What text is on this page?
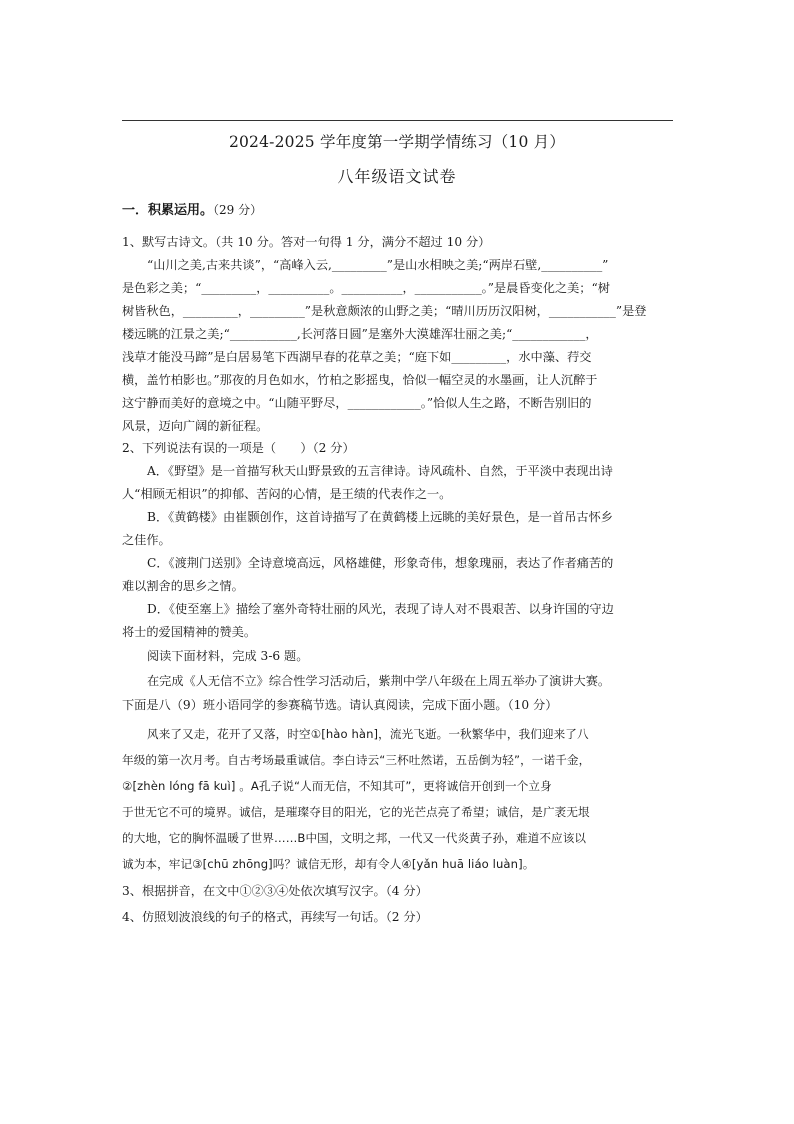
2024-2025 学年度第一学期学情练习（10 月）
八年级语文试卷
一．积累运用。（29 分）
1、默写古诗文。（共 10 分。答对一句得 1 分，满分不超过 10 分）
“山川之美,古来共谈”，“高峰入云,_________”是山水相映之美;“两岸石壁,__________”
是色彩之美；“_________，__________。__________，___________。”是晨昏变化之美；“树
树皆秋色，_________，_________”是秋意颇浓的山野之美；“晴川历历汉阳树，___________”是登
楼远眺的江景之美;“___________,长河落日圆”是塞外大漠雄浑壮丽之美;“____________，
浅草才能没马蹄”是白居易笔下西湖早春的花草之美；“庭下如_________，水中藻、荇交
横，盖竹柏影也。”那夜的月色如水，竹柏之影摇曳，恰似一幅空灵的水墨画，让人沉醉于
这宁静而美好的意境之中。“山随平野尽，____________。”恰似人生之路，不断告别旧的
风景，迈向广阔的新征程。
2、下列说法有误的一项是（　　）（2 分）
A．《野望》是一首描写秋天山野景致的五言律诗。诗风疏朴、自然，于平淡中表现出诗
人“相顾无相识”的抑郁、苦闷的心情，是王绩的代表作之一。
B．《黄鹤楼》由崔颢创作，这首诗描写了在黄鹤楼上远眺的美好景色，是一首吊古怀乡
之佳作。
C．《渡荆门送别》全诗意境高远，风格雄健，形象奇伟，想象瑰丽，表达了作者痛苦的
难以割舍的思乡之情。
D．《使至塞上》描绘了塞外奇特壮丽的风光，表现了诗人对不畏艰苦、以身许国的守边
将士的爱国精神的赞美。
阅读下面材料，完成 3-6 题。
在完成《人无信不立》综合性学习活动后，紫荆中学八年级在上周五举办了演讲大赛。
下面是八（9）班小语同学的参赛稿节选。请认真阅读，完成下面小题。（10 分）
风来了又走，花开了又落，时空①[hào hàn]，流光飞逝。一秋繁华中，我们迎来了八
年级的第一次月考。自古考场最重诚信。李白诗云“三杯吐然诺，五岳倒为轻”，一诺千金，
②[zhèn lóng fā kuì] 。A孔子说“人而无信，不知其可”，更将诚信开创到一个立身
于世无它不可的境界。诚信，是璀璨夺目的阳光，它的光芒点亮了希望；诚信，是广袤无垠
的大地，它的胸怀温暖了世界……B中国，文明之邦，一代又一代炎黄子孙，难道不应该以
诚为本，牢记③[chū zhōng]吗？诚信无形，却有令人④[yǎn huā liáo luàn]。
3、根据拼音，在文中①②③④处依次填写汉字。（4 分）
4、仿照划波浪线的句子的格式，再续写一句话。（2 分）
